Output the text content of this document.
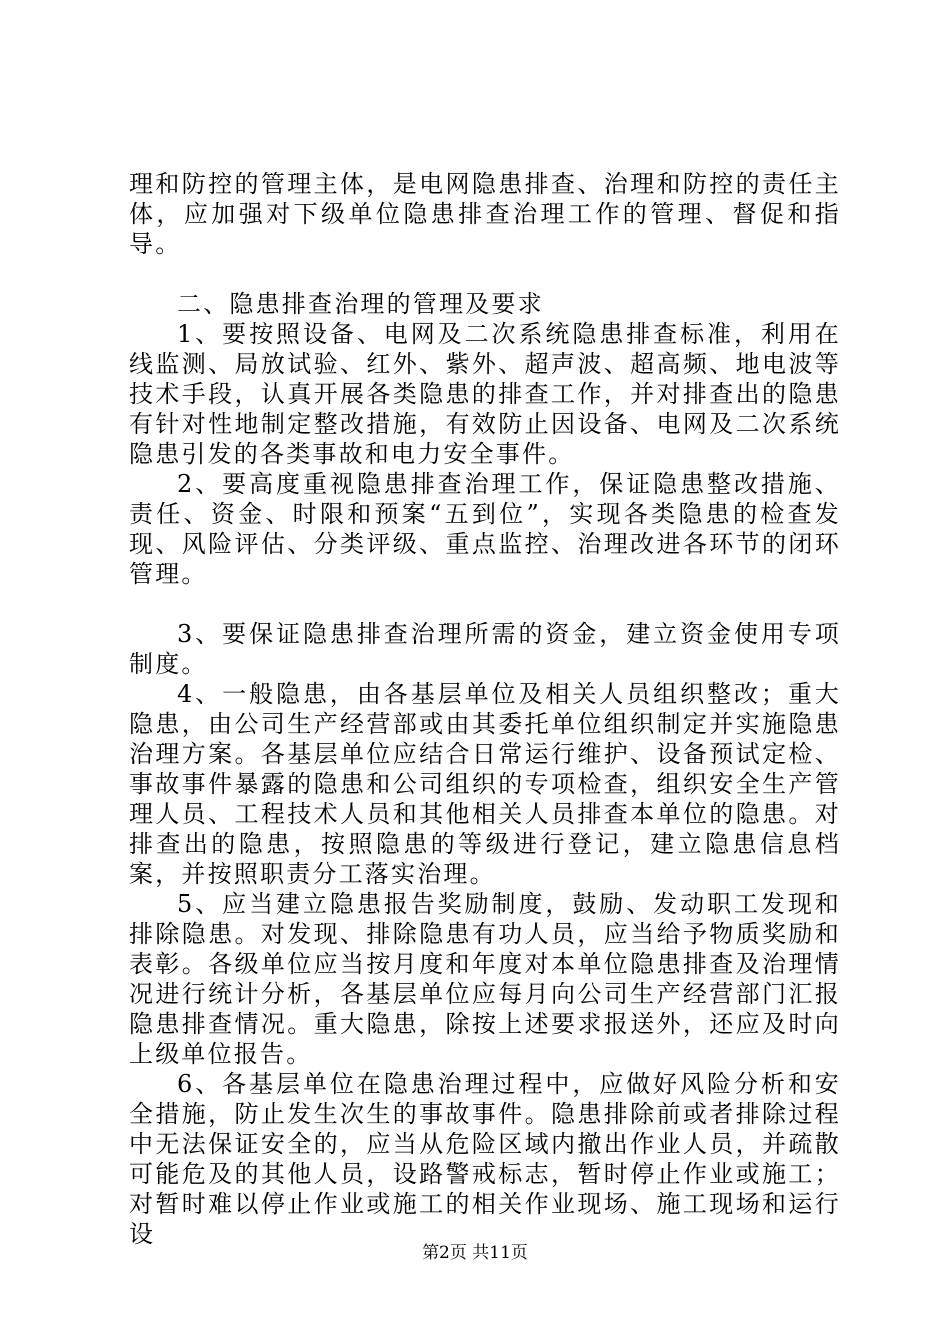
理和防控的管理主体，是电网隐患排查、治理和防控的责任主体，应加强对下级单位隐患排查治理工作的管理、督促和指导。

二、隐患排查治理的管理及要求

1、要按照设备、电网及二次系统隐患排查标准，利用在线监测、局放试验、红外、紫外、超声波、超高频、地电波等技术手段，认真开展各类隐患的排查工作，并对排查出的隐患有针对性地制定整改措施，有效防止因设备、电网及二次系统隐患引发的各类事故和电力安全事件。

2、要高度重视隐患排查治理工作，保证隐患整改措施、责任、资金、时限和预案“五到位”，实现各类隐患的检查发现、风险评估、分类评级、重点监控、治理改进各环节的闭环管理。

3、要保证隐患排查治理所需的资金，建立资金使用专项制度。

4、一般隐患，由各基层单位及相关人员组织整改；重大隐患，由公司生产经营部或由其委托单位组织制定并实施隐患治理方案。各基层单位应结合日常运行维护、设备预试定检、事故事件暴露的隐患和公司组织的专项检查，组织安全生产管理人员、工程技术人员和其他相关人员排查本单位的隐患。对排查出的隐患，按照隐患的等级进行登记，建立隐患信息档案，并按照职责分工落实治理。

5、应当建立隐患报告奖励制度，鼓励、发动职工发现和排除隐患。对发现、排除隐患有功人员，应当给予物质奖励和表彰。各级单位应当按月度和年度对本单位隐患排查及治理情况进行统计分析，各基层单位应每月向公司生产经营部门汇报隐患排查情况。重大隐患，除按上述要求报送外，还应及时向上级单位报告。

6、各基层单位在隐患治理过程中，应做好风险分析和安全措施，防止发生次生的事故事件。隐患排除前或者排除过程中无法保证安全的，应当从危险区域内撤出作业人员，并疏散可能危及的其他人员，设路警戒标志，暂时停止作业或施工；对暂时难以停止作业或施工的相关作业现场、施工现场和运行设

第2页 共11页
